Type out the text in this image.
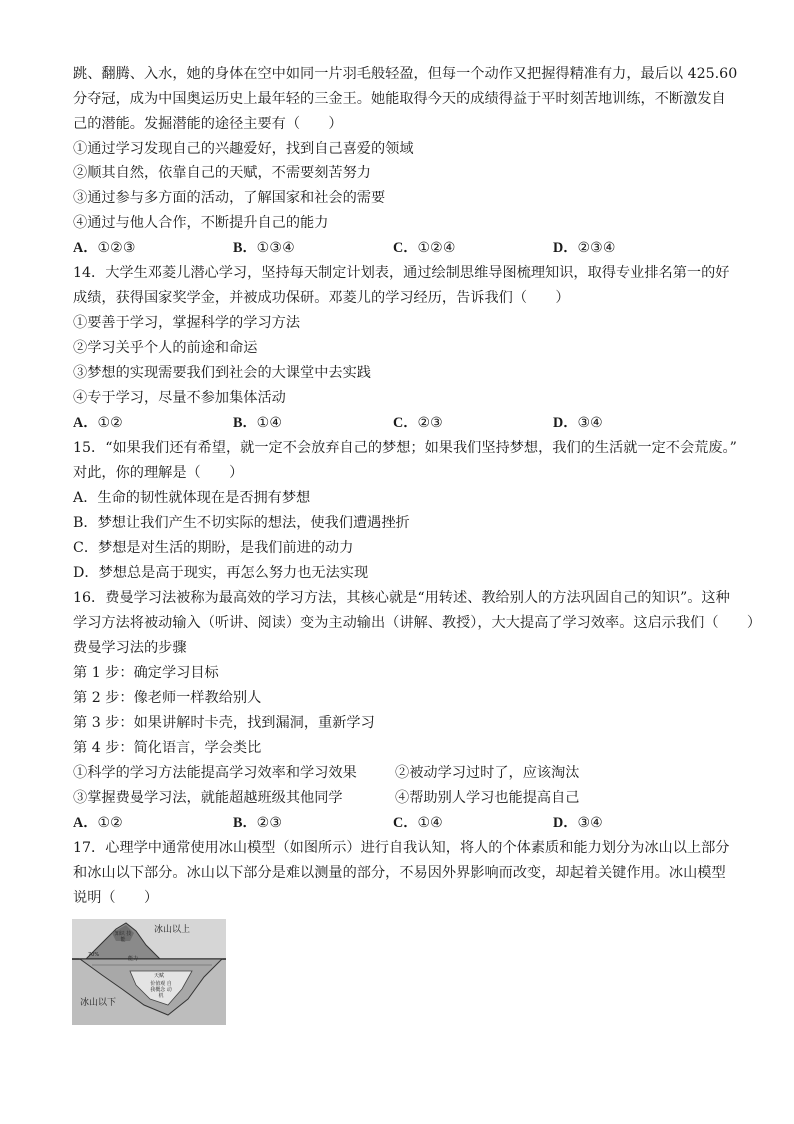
跳、翻腾、入水，她的身体在空中如同一片羽毛般轻盈，但每一个动作又把握得精准有力，最后以 425.60
分夺冠，成为中国奥运历史上最年轻的三金王。她能取得今天的成绩得益于平时刻苦地训练，不断激发自
己的潜能。发掘潜能的途径主要有（　　）
①通过学习发现自己的兴趣爱好，找到自己喜爱的领域
②顺其自然，依靠自己的天赋，不需要刻苦努力
③通过参与多方面的活动，了解国家和社会的需要
④通过与他人合作，不断提升自己的能力
A．①②③	B．①③④	C．①②④	D．②③④
14．大学生邓菱儿潜心学习，坚持每天制定计划表，通过绘制思维导图梳理知识，取得专业排名第一的好
成绩，获得国家奖学金，并被成功保研。邓菱儿的学习经历，告诉我们（　　）
①要善于学习，掌握科学的学习方法
②学习关乎个人的前途和命运
③梦想的实现需要我们到社会的大课堂中去实践
④专于学习，尽量不参加集体活动
A．①②	B．①④	C．②③	D．③④
15．“如果我们还有希望，就一定不会放弃自己的梦想；如果我们坚持梦想，我们的生活就一定不会荒废。”
对此，你的理解是（　　）
A．生命的韧性就体现在是否拥有梦想
B．梦想让我们产生不切实际的想法，使我们遭遇挫折
C．梦想是对生活的期盼，是我们前进的动力
D．梦想总是高于现实，再怎么努力也无法实现
16．费曼学习法被称为最高效的学习方法，其核心就是“用转述、教给别人的方法巩固自己的知识”。这种
学习方法将被动输入（听讲、阅读）变为主动输出（讲解、教授），大大提高了学习效率。这启示我们（　　）
费曼学习法的步骤
第 1 步：确定学习目标
第 2 步：像老师一样教给别人
第 3 步：如果讲解时卡壳，找到漏洞，重新学习
第 4 步：简化语言，学会类比
①科学的学习方法能提高学习效率和学习效果	②被动学习过时了，应该淘汰
③掌握费曼学习法，就能超越班级其他同学	④帮助别人学习也能提高自己
A．①②	B．②③	C．①④	D．③④
17．心理学中通常使用冰山模型（如图所示）进行自我认知，将人的个体素质和能力划分为冰山以上部分
和冰山以下部分。冰山以下部分是难以测量的部分，不易因外界影响而改变，却起着关键作用。冰山模型
说明（　　）
冰山以上
知识 技能
70%
能力
天赋
价值观 自我概念 动机
冰山以下
